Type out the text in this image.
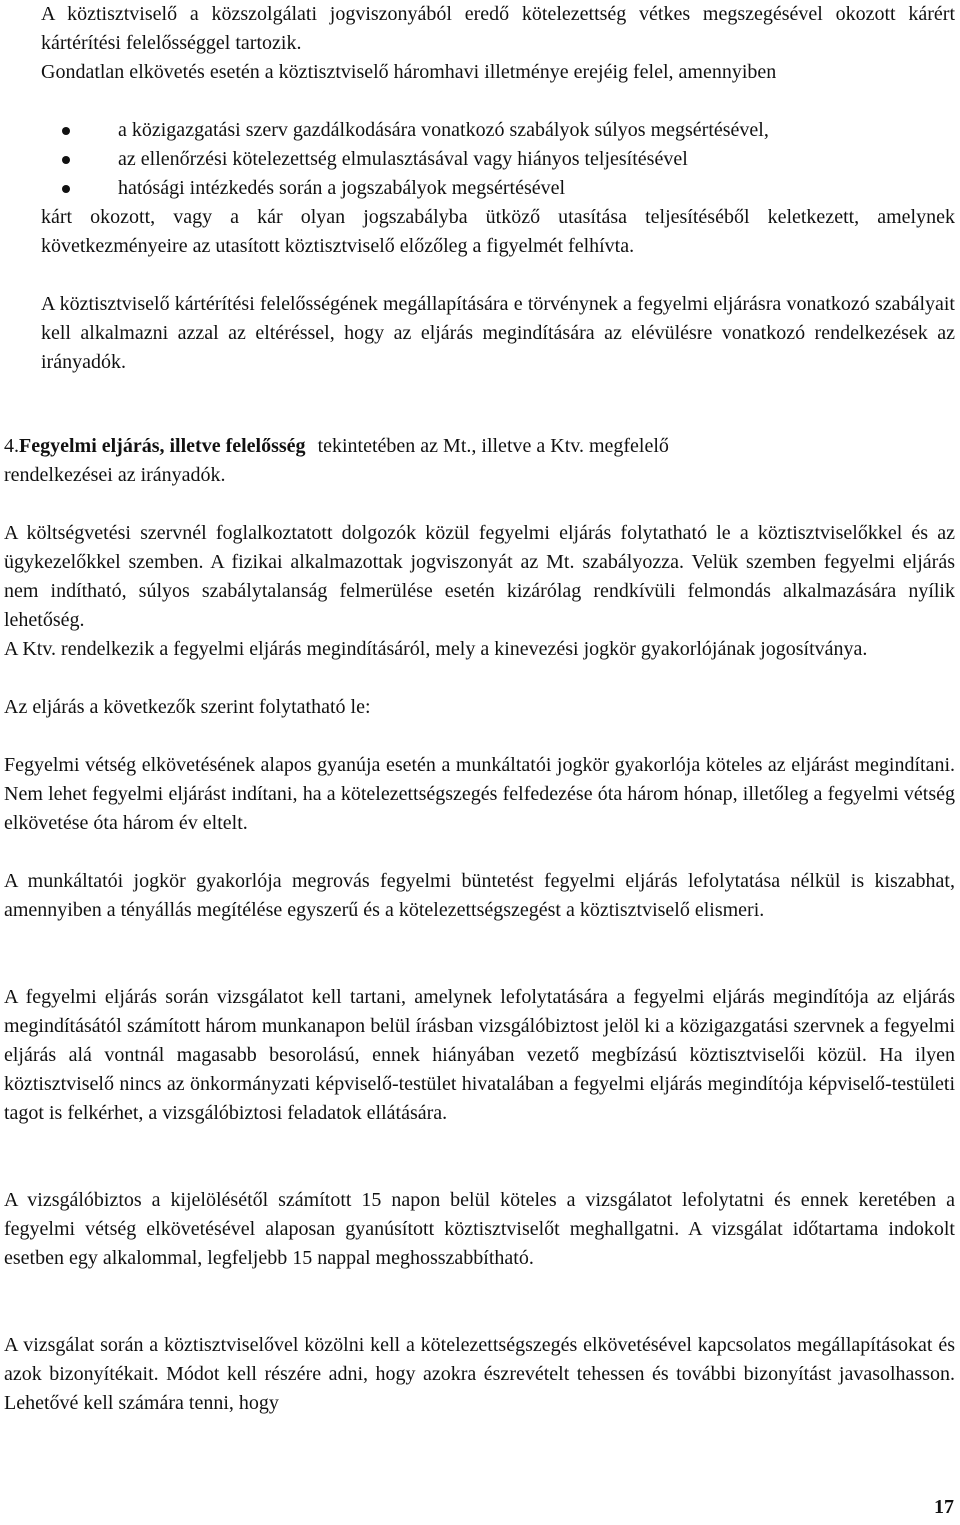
A köztisztviselő a közszolgálati jogviszonyából eredő kötelezettség vétkes megszegésével okozott kárért kártérítési felelősséggel tartozik.

Gondatlan elkövetés esetén a köztisztviselő háromhavi illetménye erejéig felel, amennyiben

a közigazgatási szerv gazdálkodására vonatkozó szabályok súlyos megsértésével,
az ellenőrzési kötelezettség elmulasztásával vagy hiányos teljesítésével
hatósági intézkedés során a jogszabályok megsértésével

kárt okozott, vagy a kár olyan jogszabályba ütköző utasítása teljesítéséből keletkezett, amelynek következményeire az utasított köztisztviselő előzőleg a figyelmét felhívta.

A köztisztviselő kártérítési felelősségének megállapítására e törvénynek a fegyelmi eljárásra vonatkozó szabályait kell alkalmazni azzal az eltéréssel, hogy az eljárás megindítására az elévülésre vonatkozó rendelkezések az irányadók.

4. Fegyelmi eljárás, illetve felelősség tekintetében az Mt., illetve a Ktv. megfelelő
rendelkezései az irányadók.

A költségvetési szervnél foglalkoztatott dolgozók közül fegyelmi eljárás folytatható le a köztisztviselőkkel és az ügykezelőkkel szemben. A fizikai alkalmazottak jogviszonyát az Mt. szabályozza. Velük szemben fegyelmi eljárás nem indítható, súlyos szabálytalanság felmerülése esetén kizárólag rendkívüli felmondás alkalmazására nyílik lehetőség.

A Ktv. rendelkezik a fegyelmi eljárás megindításáról, mely a kinevezési jogkör gyakorlójának jogosítványa.

Az eljárás a következők szerint folytatható le:

Fegyelmi vétség elkövetésének alapos gyanúja esetén a munkáltatói jogkör gyakorlója köteles az eljárást megindítani. Nem lehet fegyelmi eljárást indítani, ha a kötelezettségszegés felfedezése óta három hónap, illetőleg a fegyelmi vétség elkövetése óta három év eltelt.

A munkáltatói jogkör gyakorlója megrovás fegyelmi büntetést fegyelmi eljárás lefolytatása nélkül is kiszabhat, amennyiben a tényállás megítélése egyszerű és a kötelezettségszegést a köztisztviselő elismeri.

A fegyelmi eljárás során vizsgálatot kell tartani, amelynek lefolytatására a fegyelmi eljárás megindítója az eljárás megindításától számított három munkanapon belül írásban vizsgálóbiztost jelöl ki a közigazgatási szervnek a fegyelmi eljárás alá vontnál magasabb besorolású, ennek hiányában vezető megbízású köztisztviselői közül. Ha ilyen köztisztviselő nincs az önkormányzati képviselő-testület hivatalában a fegyelmi eljárás megindítója képviselő-testületi tagot is felkérhet, a vizsgálóbiztosi feladatok ellátására.

A vizsgálóbiztos a kijelölésétől számított 15 napon belül köteles a vizsgálatot lefolytatni és ennek keretében a fegyelmi vétség elkövetésével alaposan gyanúsított köztisztviselőt meghallgatni. A vizsgálat időtartama indokolt esetben egy alkalommal, legfeljebb 15 nappal meghosszabbítható.

A vizsgálat során a köztisztviselővel közölni kell a kötelezettségszegés elkövetésével kapcsolatos megállapításokat és azok bizonyítékait. Módot kell részére adni, hogy azokra észrevételt tehessen és további bizonyítást javasolhasson. Lehetővé kell számára tenni, hogy

17
